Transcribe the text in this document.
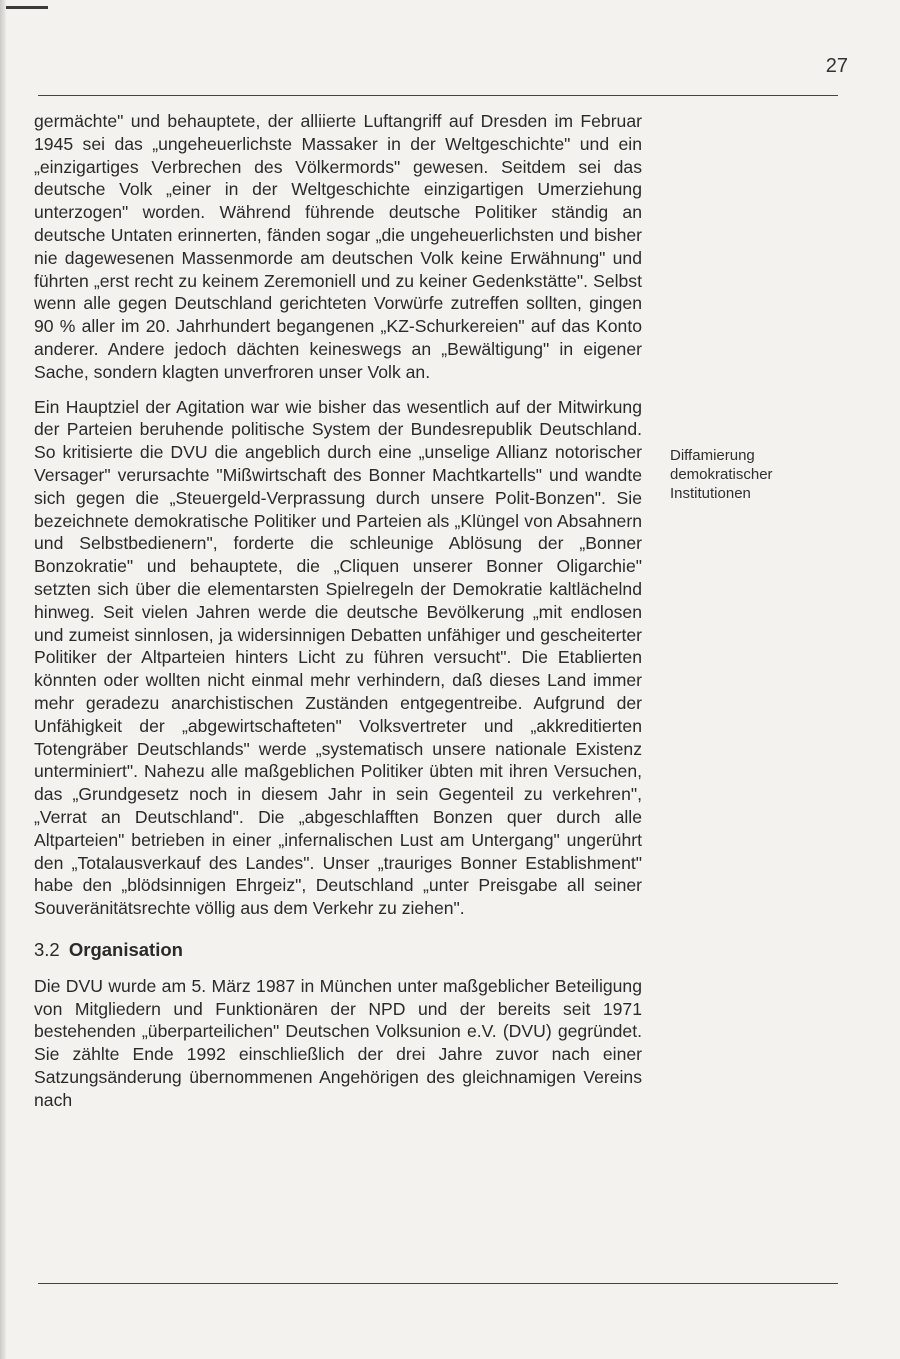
27

germächte" und behauptete, der alliierte Luftangriff auf Dresden im Februar 1945 sei das „ungeheuerlichste Massaker in der Weltgeschichte" und ein „einzigartiges Verbrechen des Völkermords" gewesen. Seitdem sei das deutsche Volk „einer in der Weltgeschichte einzigartigen Umerziehung unterzogen" worden. Während führende deutsche Politiker ständig an deutsche Untaten erinnerten, fänden sogar „die ungeheuerlichsten und bisher nie dagewesenen Massenmorde am deutschen Volk keine Erwähnung" und führten „erst recht zu keinem Zeremoniell und zu keiner Gedenkstätte". Selbst wenn alle gegen Deutschland gerichteten Vorwürfe zutreffen sollten, gingen 90 % aller im 20. Jahrhundert begangenen „KZ-Schurkereien" auf das Konto anderer. Andere jedoch dächten keineswegs an „Bewältigung" in eigener Sache, sondern klagten unverfroren unser Volk an.

Ein Hauptziel der Agitation war wie bisher das wesentlich auf der Mitwirkung der Parteien beruhende politische System der Bundesrepublik Deutschland. So kritisierte die DVU die angeblich durch eine „unselige Allianz notorischer Versager" verursachte "Mißwirtschaft des Bonner Machtkartells" und wandte sich gegen die „Steuergeld-Verprassung durch unsere Polit-Bonzen". Sie bezeichnete demokratische Politiker und Parteien als „Klüngel von Absahnern und Selbstbedienern", forderte die schleunige Ablösung der „Bonner Bonzokratie" und behauptete, die „Cliquen unserer Bonner Oligarchie" setzten sich über die elementarsten Spielregeln der Demokratie kaltlächelnd hinweg. Seit vielen Jahren werde die deutsche Bevölkerung „mit endlosen und zumeist sinnlosen, ja widersinnigen Debatten unfähiger und gescheiterter Politiker der Altparteien hinters Licht zu führen versucht". Die Etablierten könnten oder wollten nicht einmal mehr verhindern, daß dieses Land immer mehr geradezu anarchistischen Zuständen entgegentreibe. Aufgrund der Unfähigkeit der „abgewirtschafteten" Volksvertreter und „akkreditierten Totengräber Deutschlands" werde „systematisch unsere nationale Existenz unterminiert". Nahezu alle maßgeblichen Politiker übten mit ihren Versuchen, das „Grundgesetz noch in diesem Jahr in sein Gegenteil zu verkehren", „Verrat an Deutschland". Die „abgeschlafften Bonzen quer durch alle Altparteien" betrieben in einer „infernalischen Lust am Untergang" ungerührt den „Totalausverkauf des Landes". Unser „trauriges Bonner Establishment" habe den „blödsinnigen Ehrgeiz", Deutschland „unter Preisgabe all seiner Souveränitätsrechte völlig aus dem Verkehr zu ziehen".

3.2 Organisation

Die DVU wurde am 5. März 1987 in München unter maßgeblicher Beteiligung von Mitgliedern und Funktionären der NPD und der bereits seit 1971 bestehenden „überparteilichen" Deutschen Volksunion e.V. (DVU) gegründet. Sie zählte Ende 1992 einschließlich der drei Jahre zuvor nach einer Satzungsänderung übernommenen Angehörigen des gleichnamigen Vereins nach

Diffamierung
demokratischer
Institutionen
